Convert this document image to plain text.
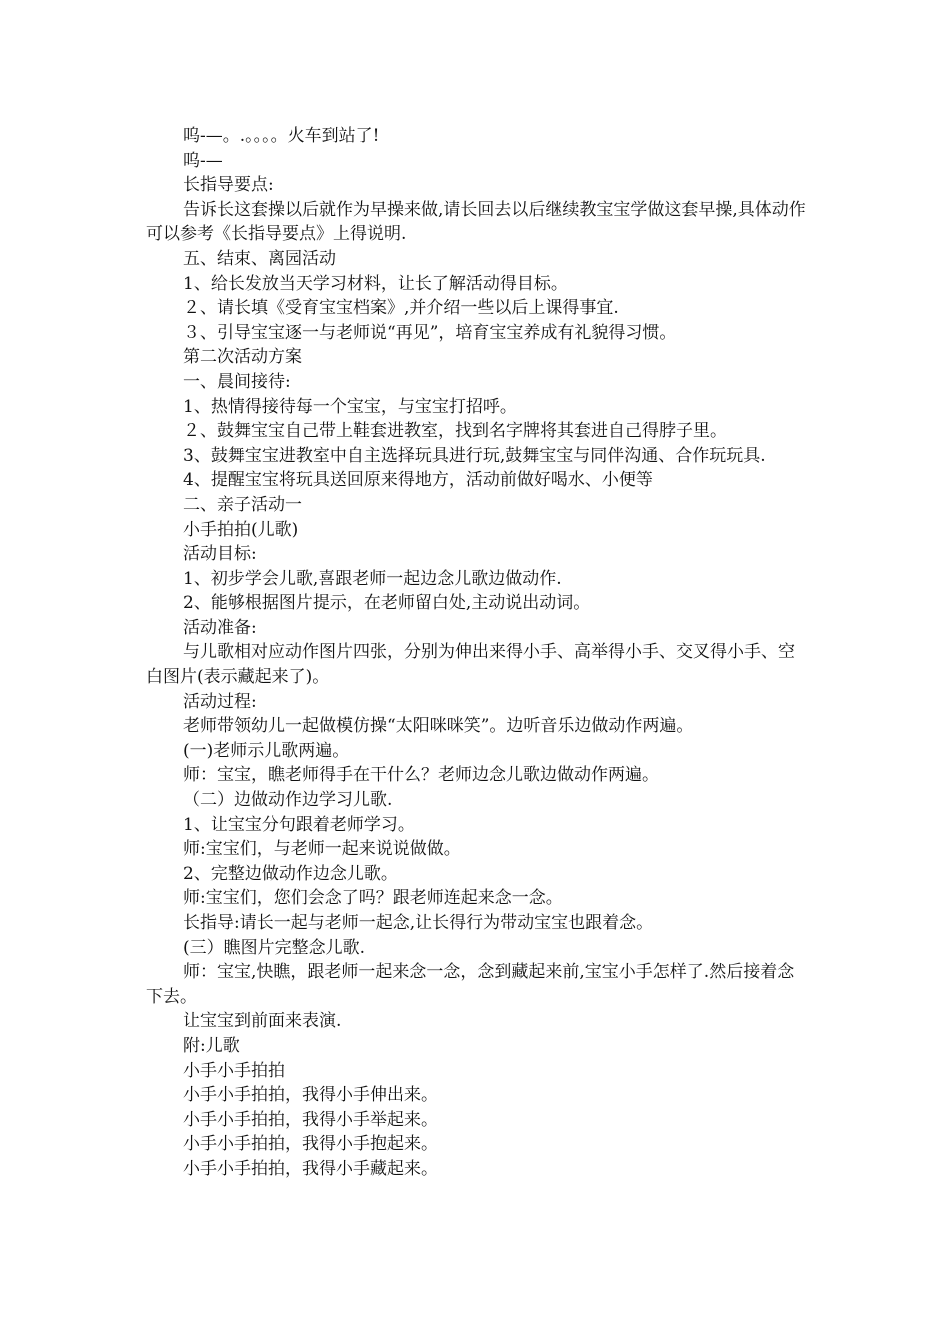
呜-—。.。。。。火车到站了!

呜-—

长指导要点:

告诉长这套操以后就作为早操来做,请长回去以后继续教宝宝学做这套早操,具体动作可以参考《长指导要点》上得说明.

五、结束、离园活动

1、给长发放当天学习材料，让长了解活动得目标。

２、请长填《受育宝宝档案》,并介绍一些以后上课得事宜.

３、引导宝宝逐一与老师说“再见”，培育宝宝养成有礼貌得习惯。

第二次活动方案

一、晨间接待:

1、热情得接待每一个宝宝，与宝宝打招呼。

２、鼓舞宝宝自己带上鞋套进教室，找到名字牌将其套进自己得脖子里。

3、鼓舞宝宝进教室中自主选择玩具进行玩,鼓舞宝宝与同伴沟通、合作玩玩具.

4、提醒宝宝将玩具送回原来得地方，活动前做好喝水、小便等

二、亲子活动一

小手拍拍(儿歌)

活动目标:

1、初步学会儿歌,喜跟老师一起边念儿歌边做动作.

2、能够根据图片提示，在老师留白处,主动说出动词。

活动准备:

与儿歌相对应动作图片四张，分别为伸出来得小手、高举得小手、交叉得小手、空白图片(表示藏起来了)。

活动过程:

老师带领幼儿一起做模仿操“太阳咪咪笑”。边听音乐边做动作两遍。

(一)老师示儿歌两遍。

师：宝宝，瞧老师得手在干什么？老师边念儿歌边做动作两遍。

（二）边做动作边学习儿歌.

1、让宝宝分句跟着老师学习。

师:宝宝们，与老师一起来说说做做。

2、完整边做动作边念儿歌。

师:宝宝们，您们会念了吗？跟老师连起来念一念。

长指导:请长一起与老师一起念,让长得行为带动宝宝也跟着念。

(三）瞧图片完整念儿歌.

师：宝宝,快瞧，跟老师一起来念一念，念到藏起来前,宝宝小手怎样了.然后接着念下去。

让宝宝到前面来表演.

附:儿歌

小手小手拍拍

小手小手拍拍，我得小手伸出来。

小手小手拍拍，我得小手举起来。

小手小手拍拍，我得小手抱起来。

小手小手拍拍，我得小手藏起来。
